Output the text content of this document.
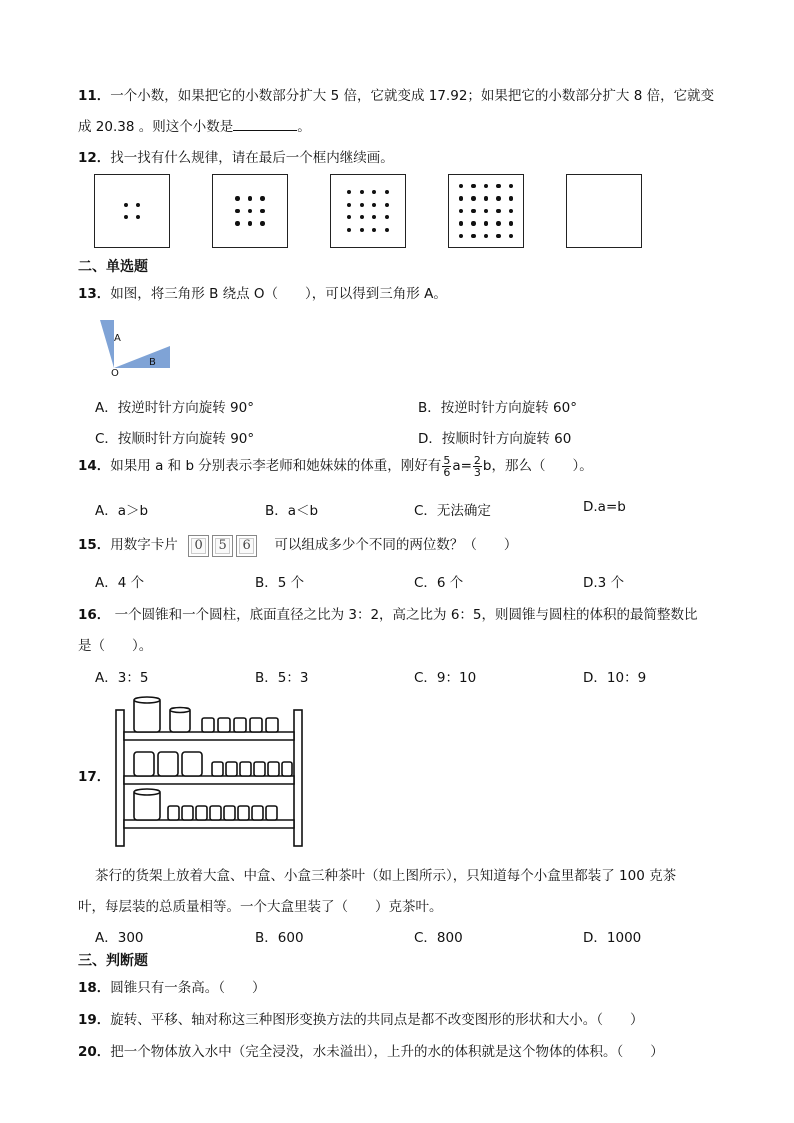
11．一个小数，如果把它的小数部分扩大 5 倍，它就变成 17.92；如果把它的小数部分扩大 8 倍，它就变
成 20.38 。则这个小数是	。
12．找一找有什么规律，请在最后一个框内继续画。
二、单选题
13．如图，将三角形 B 绕点 O（　　），可以得到三角形 A。
A
B
O
A．按逆时针方向旋转 90°	B．按逆时针方向旋转 60°
C．按顺时针方向旋转 90°	D．按顺时针方向旋转 60
14．如果用 a 和 b 分别表示李老师和她妹妹的体重，刚好有 $\frac{5}{6} a= \frac{2}{3}$ b，那么（　　）。
A．a＞b	B．a＜b	C．无法确定	D.a=b
15．用数字卡片 0 5 6 可以组成多少个不同的两位数？（　　）
A．4 个	B．5 个	C．6 个	D.3 个
16． 一个圆锥和一个圆柱，底面直径之比为 3：2，高之比为 6：5，则圆锥与圆柱的体积的最简整数比
是（　　）。
A．3：5	B．5：3	C．9：10	D．10：9
17．
茶行的货架上放着大盒、中盒、小盒三种茶叶（如上图所示），只知道每个小盒里都装了 100 克茶
叶，每层装的总质量相等。一个大盒里装了（　　）克茶叶。
A．300	B．600	C．800	D．1000
三、判断题
18．圆锥只有一条高。（　　）
19．旋转、平移、轴对称这三种图形变换方法的共同点是都不改变图形的形状和大小。（　　）
20．把一个物体放入水中（完全浸没，水未溢出），上升的水的体积就是这个物体的体积。（　　）
